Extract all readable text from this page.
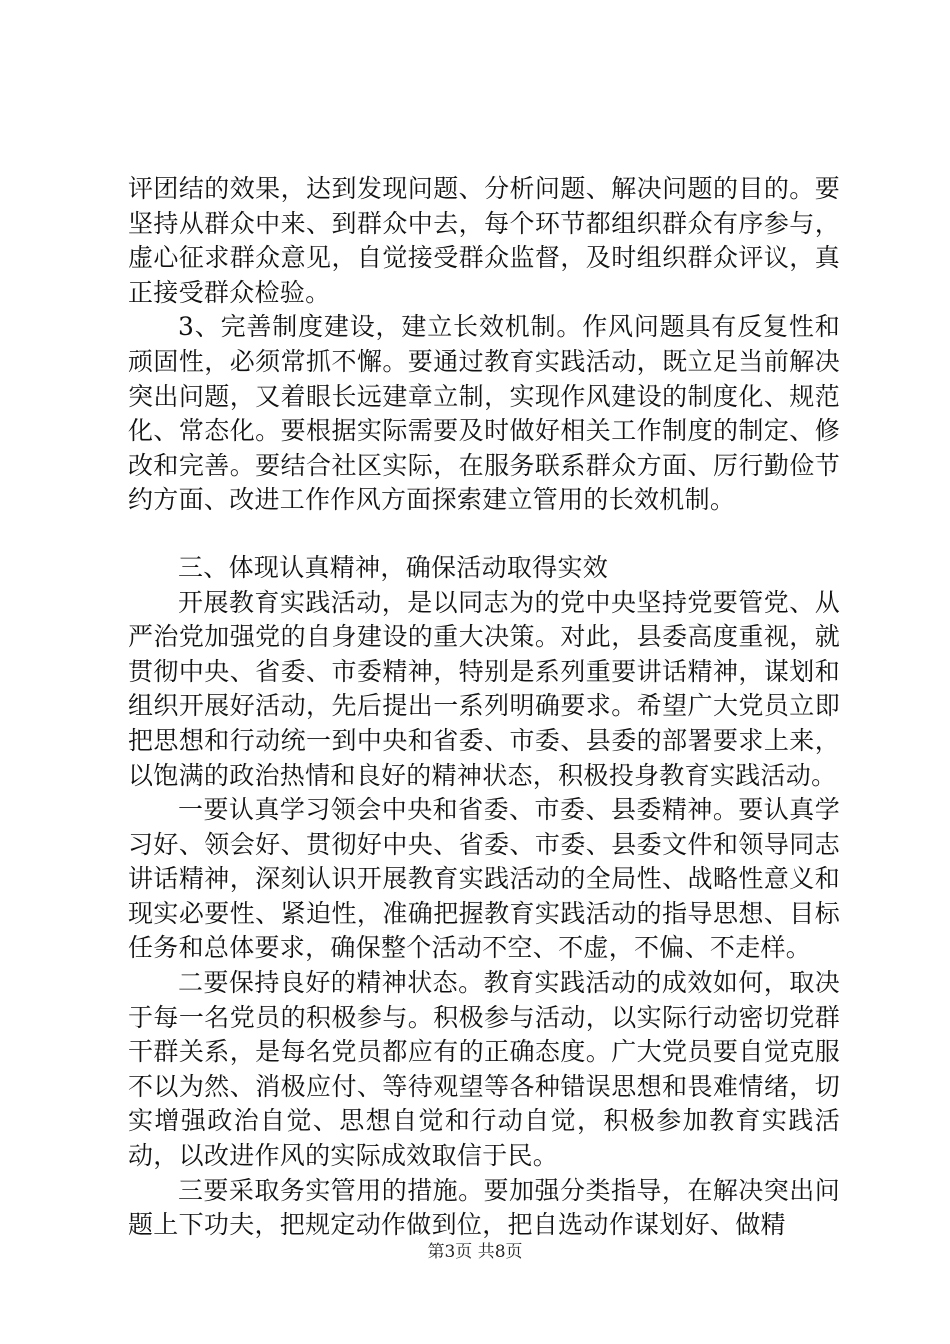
评团结的效果，达到发现问题、分析问题、解决问题的目的。要坚持从群众中来、到群众中去，每个环节都组织群众有序参与，虚心征求群众意见，自觉接受群众监督，及时组织群众评议，真正接受群众检验。

3、完善制度建设，建立长效机制。作风问题具有反复性和顽固性，必须常抓不懈。要通过教育实践活动，既立足当前解决突出问题，又着眼长远建章立制，实现作风建设的制度化、规范化、常态化。要根据实际需要及时做好相关工作制度的制定、修改和完善。要结合社区实际，在服务联系群众方面、厉行勤俭节约方面、改进工作作风方面探索建立管用的长效机制。

三、体现认真精神，确保活动取得实效

开展教育实践活动，是以同志为的党中央坚持党要管党、从严治党加强党的自身建设的重大决策。对此，县委高度重视，就贯彻中央、省委、市委精神，特别是系列重要讲话精神，谋划和组织开展好活动，先后提出一系列明确要求。希望广大党员立即把思想和行动统一到中央和省委、市委、县委的部署要求上来，以饱满的政治热情和良好的精神状态，积极投身教育实践活动。

一要认真学习领会中央和省委、市委、县委精神。要认真学习好、领会好、贯彻好中央、省委、市委、县委文件和领导同志讲话精神，深刻认识开展教育实践活动的全局性、战略性意义和现实必要性、紧迫性，准确把握教育实践活动的指导思想、目标任务和总体要求，确保整个活动不空、不虚，不偏、不走样。

二要保持良好的精神状态。教育实践活动的成效如何，取决于每一名党员的积极参与。积极参与活动，以实际行动密切党群干群关系，是每名党员都应有的正确态度。广大党员要自觉克服不以为然、消极应付、等待观望等各种错误思想和畏难情绪，切实增强政治自觉、思想自觉和行动自觉，积极参加教育实践活动，以改进作风的实际成效取信于民。

三要采取务实管用的措施。要加强分类指导，在解决突出问题上下功夫，把规定动作做到位，把自选动作谋划好、做精

第3页 共8页
